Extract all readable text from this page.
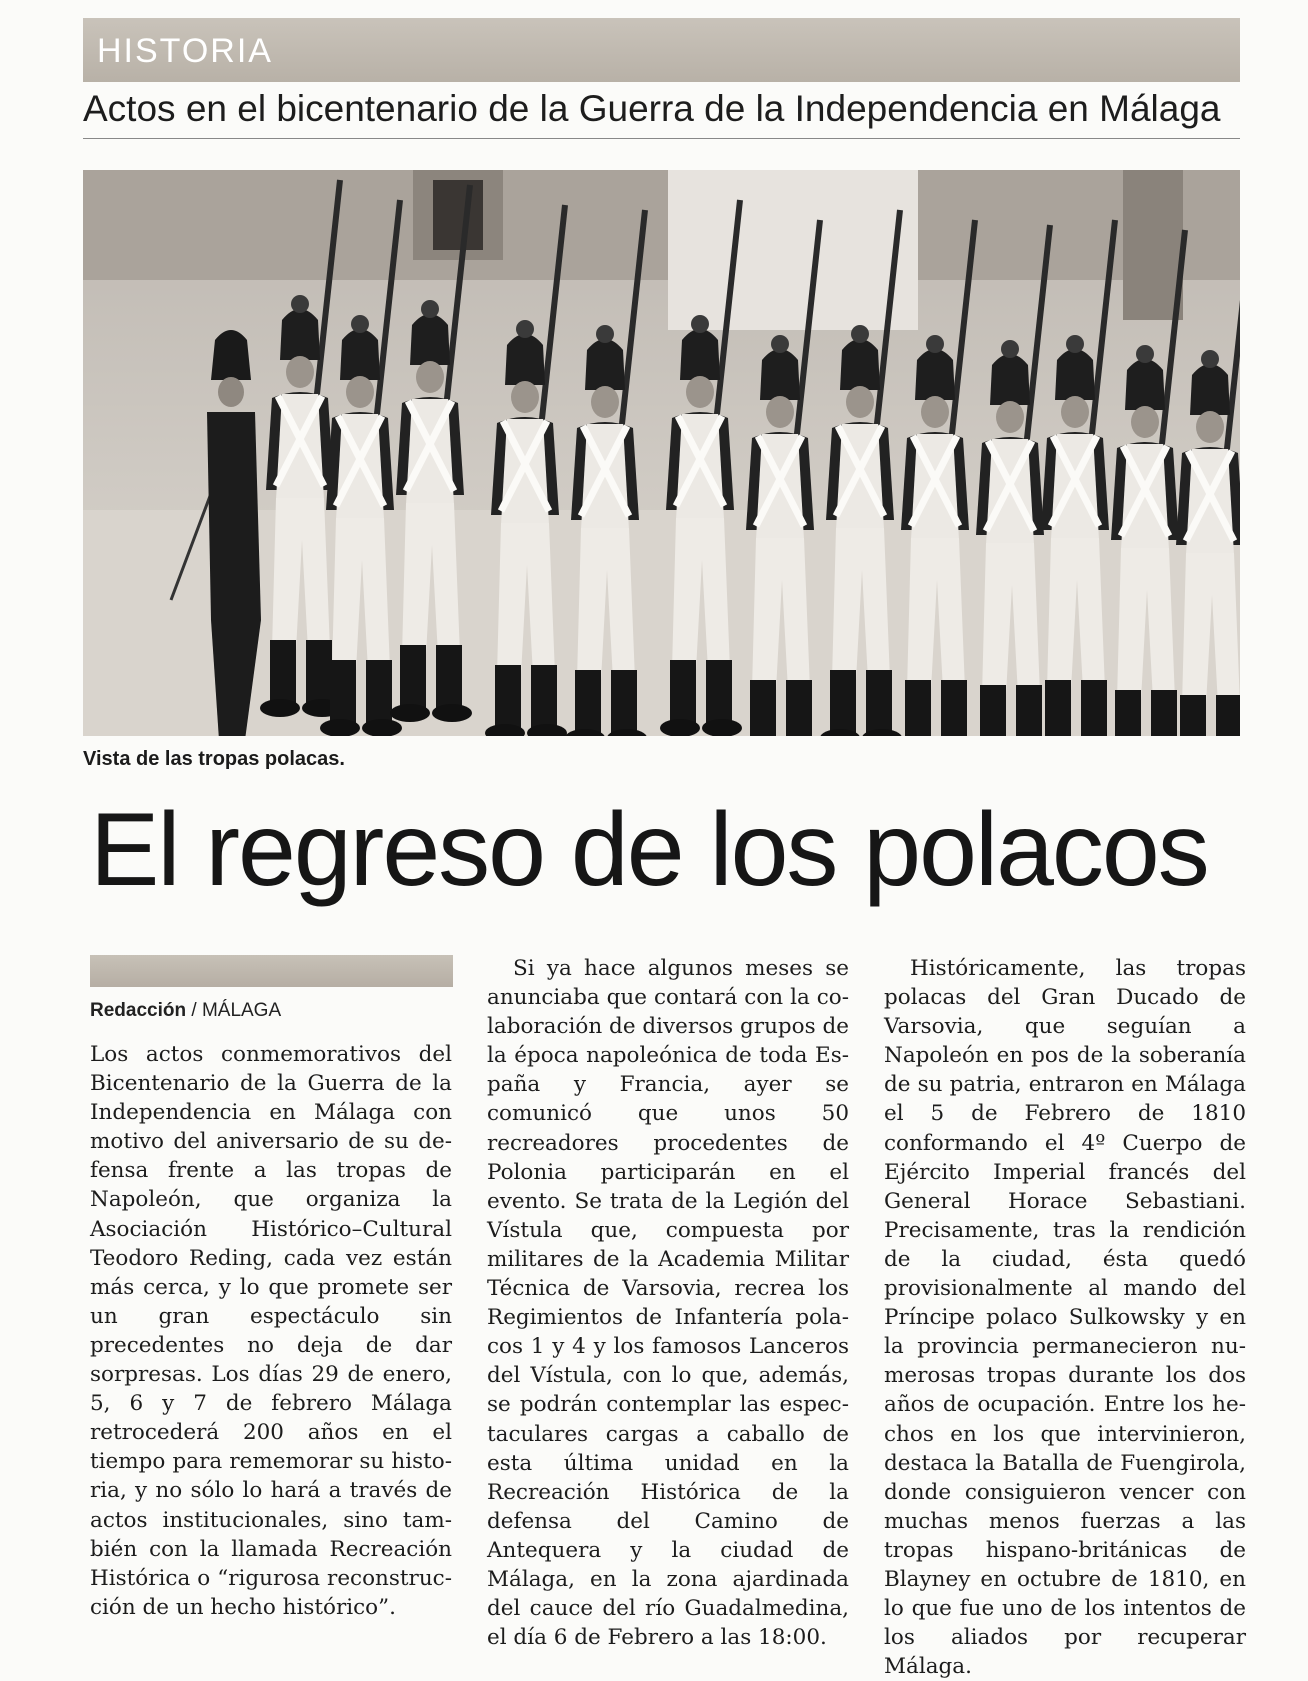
HISTORIA
Actos en el bicentenario de la Guerra de la Independencia en Málaga
Vista de las tropas polacas.
El regreso de los polacos
Redacción / MÁLAGA

Los actos conmemorativos del Bicentenario de la Guerra de la Independencia en Málaga con motivo del aniversario de su defensa frente a las tropas de Napoleón, que organiza la Asociación Histórico–Cultural Teodoro Reding, cada vez están más cerca, y lo que promete ser un gran espectáculo sin precedentes no deja de dar sorpresas. Los días 29 de enero, 5, 6 y 7 de febrero Málaga retrocederá 200 años en el tiempo para rememorar su historia, y no sólo lo hará a través de actos institucionales, sino también con la llamada Recreación Histórica o “rigurosa reconstrucción de un hecho histórico”.

Si ya hace algunos meses se anunciaba que contará con la colaboración de diversos grupos de la época napoleónica de toda España y Francia, ayer se comunicó que unos 50 recreadores procedentes de Polonia participarán en el evento. Se trata de la Legión del Vístula que, compuesta por militares de la Academia Militar Técnica de Varsovia, recrea los Regimientos de Infantería polacos 1 y 4 y los famosos Lanceros del Vístula, con lo que, además, se podrán contemplar las espectaculares cargas a caballo de esta última unidad en la Recreación Histórica de la defensa del Camino de Antequera y la ciudad de Málaga, en la zona ajardinada del cauce del río Guadalmedina, el día 6 de Febrero a las 18:00.

Históricamente, las tropas polacas del Gran Ducado de Varsovia, que seguían a Napoleón en pos de la soberanía de su patria, entraron en Málaga el 5 de Febrero de 1810 conformando el 4º Cuerpo de Ejército Imperial francés del General Horace Sebastiani. Precisamente, tras la rendición de la ciudad, ésta quedó provisionalmente al mando del Príncipe polaco Sulkowsky y en la provincia permanecieron numerosas tropas durante los dos años de ocupación. Entre los hechos en los que intervinieron, destaca la Batalla de Fuengirola, donde consiguieron vencer con muchas menos fuerzas a las tropas hispano-británicas de Blayney en octubre de 1810, en lo que fue uno de los intentos de los aliados por recuperar Málaga.
